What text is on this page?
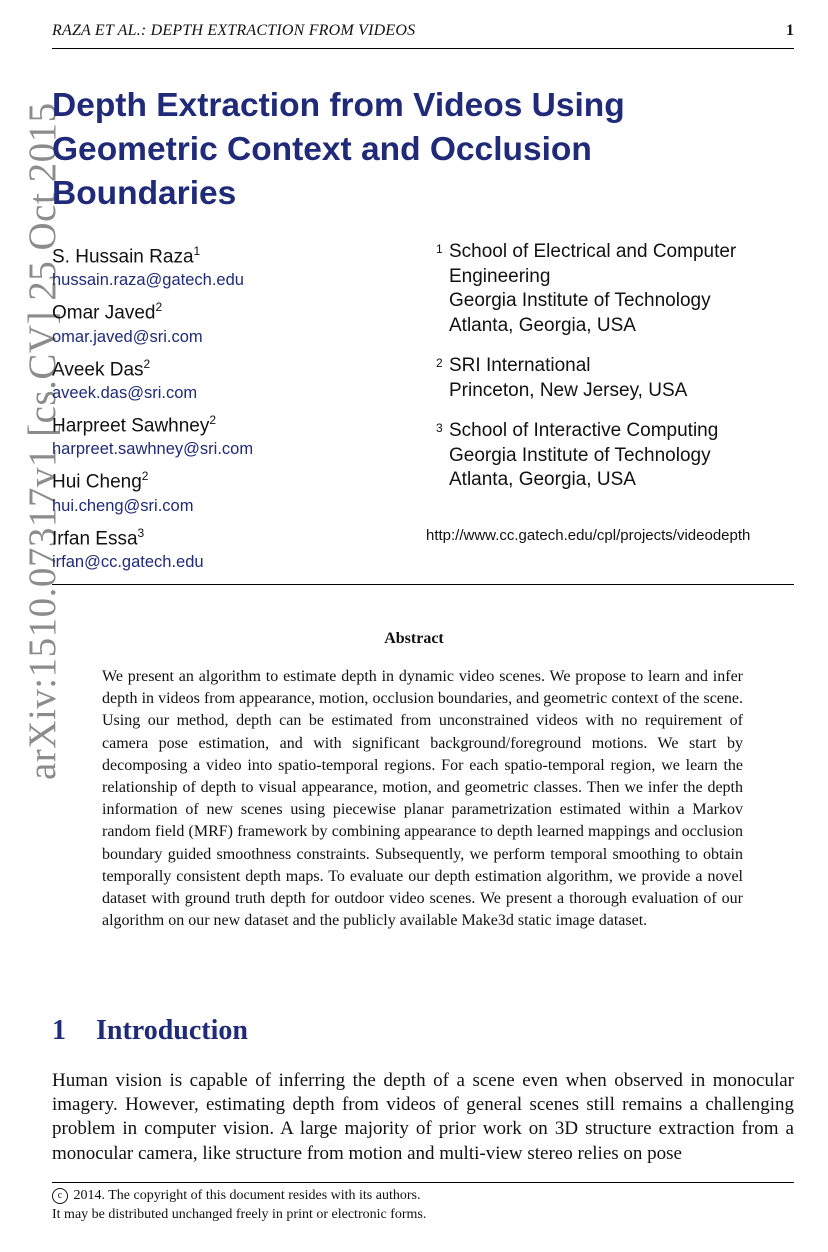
RAZA ET AL.: DEPTH EXTRACTION FROM VIDEOS	1
arXiv:1510.07317v1 [cs.CV] 25 Oct 2015
Depth Extraction from Videos Using
Geometric Context and Occlusion
Boundaries
S. Hussain Raza$^1$
hussain.raza@gatech.edu
Omar Javed$^2$
omar.javed@sri.com
Aveek Das$^2$
aveek.das@sri.com
Harpreet Sawhney$^2$
harpreet.sawhney@sri.com
Hui Cheng$^2$
hui.cheng@sri.com
Irfan Essa$^3$
irfan@cc.gatech.edu
1 School of Electrical and Computer
Engineering
Georgia Institute of Technology
Atlanta, Georgia, USA
2 SRI International
Princeton, New Jersey, USA
3 School of Interactive Computing
Georgia Institute of Technology
Atlanta, Georgia, USA
http://www.cc.gatech.edu/cpl/projects/videodepth
Abstract
We present an algorithm to estimate depth in dynamic video scenes. We propose to learn and infer depth in videos from appearance, motion, occlusion boundaries, and geometric context of the scene. Using our method, depth can be estimated from unconstrained videos with no requirement of camera pose estimation, and with significant background/foreground motions. We start by decomposing a video into spatio-temporal regions. For each spatio-temporal region, we learn the relationship of depth to visual appearance, motion, and geometric classes. Then we infer the depth information of new scenes using piecewise planar parametrization estimated within a Markov random field (MRF) framework by combining appearance to depth learned mappings and occlusion boundary guided smoothness constraints. Subsequently, we perform temporal smoothing to obtain temporally consistent depth maps. To evaluate our depth estimation algorithm, we provide a novel dataset with ground truth depth for outdoor video scenes. We present a thorough evaluation of our algorithm on our new dataset and the publicly available Make3d static image dataset.
1 Introduction
Human vision is capable of inferring the depth of a scene even when observed in monocular imagery. However, estimating depth from videos of general scenes still remains a challenging problem in computer vision. A large majority of prior work on 3D structure extraction from a monocular camera, like structure from motion and multi-view stereo relies on pose
c 2014. The copyright of this document resides with its authors.
It may be distributed unchanged freely in print or electronic forms.
